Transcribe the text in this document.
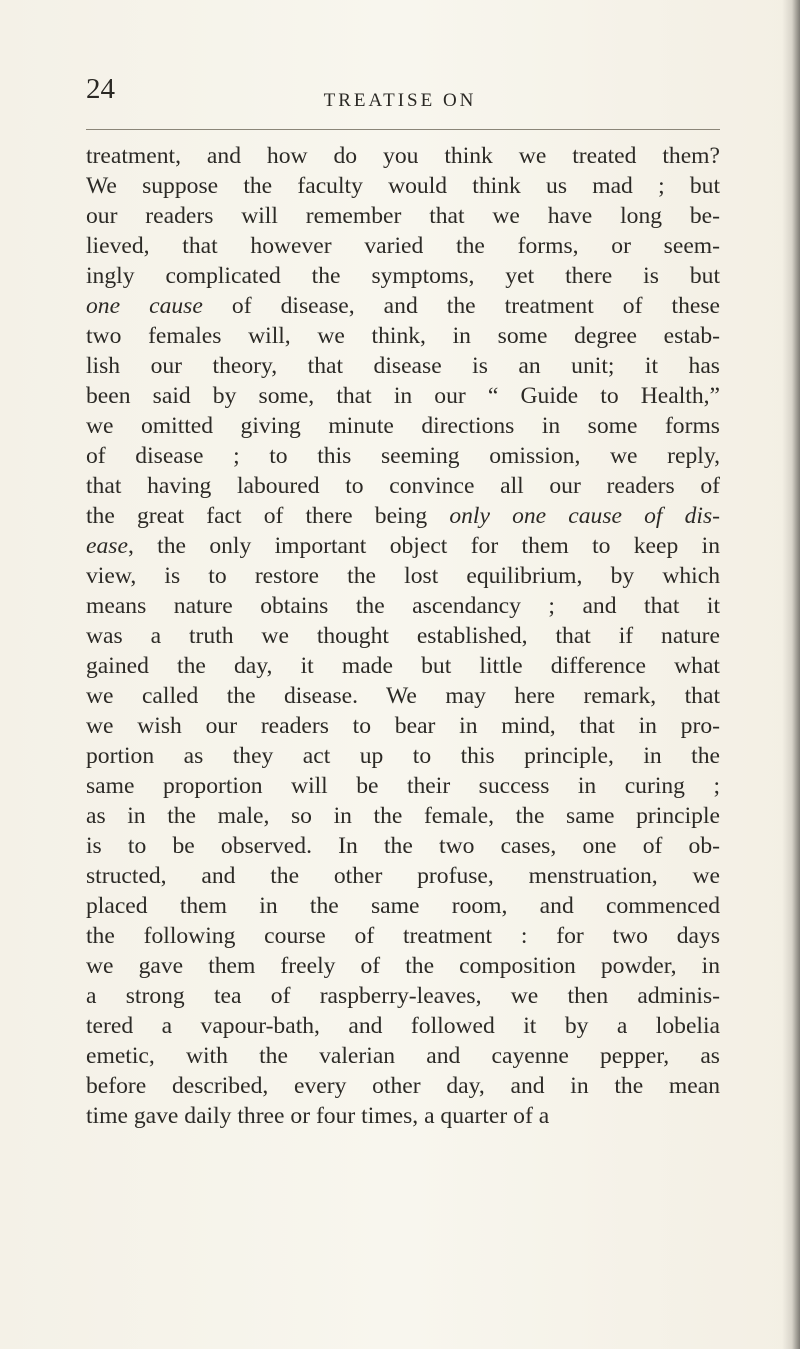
24	TREATISE ON
treatment, and how do you think we treated them?
We suppose the faculty would think us mad ; but
our readers will remember that we have long be-
lieved, that however varied the forms, or seem-
ingly complicated the symptoms, yet there is but
one cause of disease, and the treatment of these
two females will, we think, in some degree estab-
lish our theory, that disease is an unit; it has
been said by some, that in our “ Guide to Health,”
we omitted giving minute directions in some forms
of disease ; to this seeming omission, we reply,
that having laboured to convince all our readers of
the great fact of there being only one cause of dis-
ease, the only important object for them to keep in
view, is to restore the lost equilibrium, by which
means nature obtains the ascendancy ; and that it
was a truth we thought established, that if nature
gained the day, it made but little difference what
we called the disease. We may here remark, that
we wish our readers to bear in mind, that in pro-
portion as they act up to this principle, in the
same proportion will be their success in curing ;
as in the male, so in the female, the same principle
is to be observed. In the two cases, one of ob-
structed, and the other profuse, menstruation, we
placed them in the same room, and commenced
the following course of treatment : for two days
we gave them freely of the composition powder, in
a strong tea of raspberry-leaves, we then adminis-
tered a vapour-bath, and followed it by a lobelia
emetic, with the valerian and cayenne pepper, as
before described, every other day, and in the mean
time gave daily three or four times, a quarter of a
